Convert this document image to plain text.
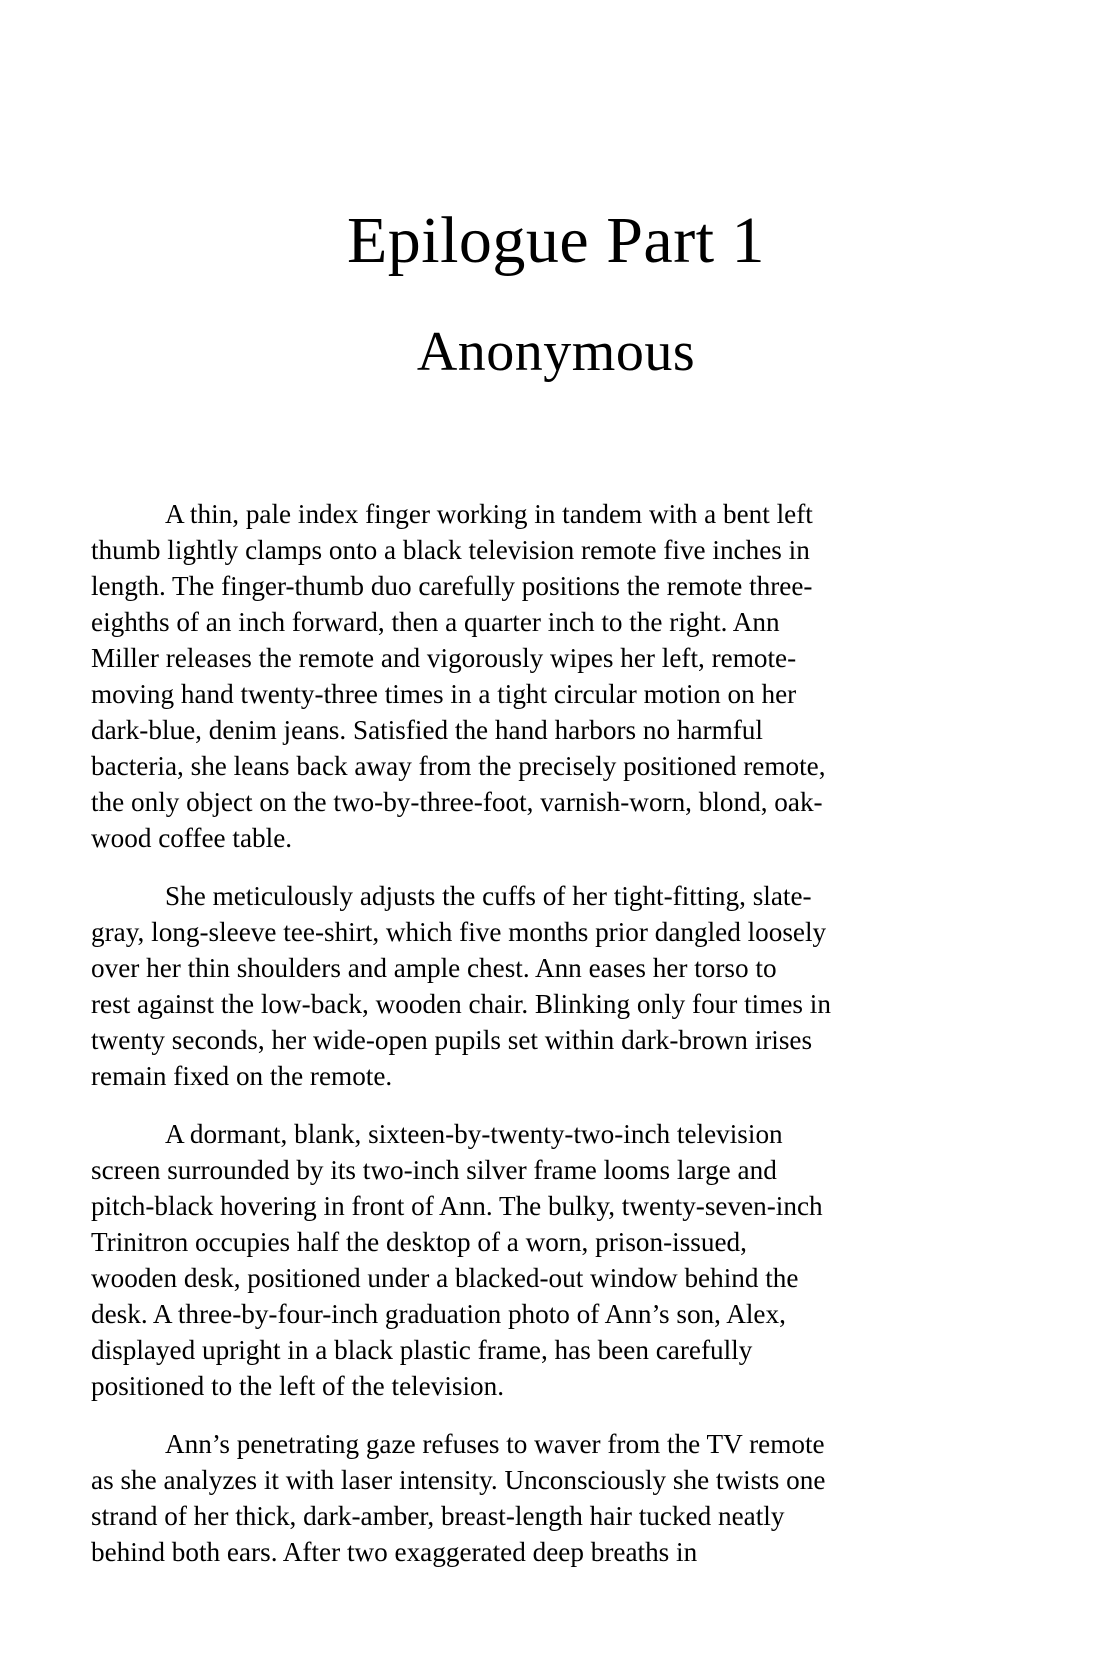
Epilogue Part 1
Anonymous

A thin, pale index finger working in tandem with a bent left
thumb lightly clamps onto a black television remote five inches in
length. The finger-thumb duo carefully positions the remote three-
eighths of an inch forward, then a quarter inch to the right. Ann
Miller releases the remote and vigorously wipes her left, remote-
moving hand twenty-three times in a tight circular motion on her
dark-blue, denim jeans. Satisfied the hand harbors no harmful
bacteria, she leans back away from the precisely positioned remote,
the only object on the two-by-three-foot, varnish-worn, blond, oak-
wood coffee table.

She meticulously adjusts the cuffs of her tight-fitting, slate-
gray, long-sleeve tee-shirt, which five months prior dangled loosely
over her thin shoulders and ample chest. Ann eases her torso to
rest against the low-back, wooden chair. Blinking only four times in
twenty seconds, her wide-open pupils set within dark-brown irises
remain fixed on the remote.

A dormant, blank, sixteen-by-twenty-two-inch television
screen surrounded by its two-inch silver frame looms large and
pitch-black hovering in front of Ann. The bulky, twenty-seven-inch
Trinitron occupies half the desktop of a worn, prison-issued,
wooden desk, positioned under a blacked-out window behind the
desk. A three-by-four-inch graduation photo of Ann’s son, Alex,
displayed upright in a black plastic frame, has been carefully
positioned to the left of the television.

Ann’s penetrating gaze refuses to waver from the TV remote
as she analyzes it with laser intensity. Unconsciously she twists one
strand of her thick, dark-amber, breast-length hair tucked neatly
behind both ears. After two exaggerated deep breaths in
